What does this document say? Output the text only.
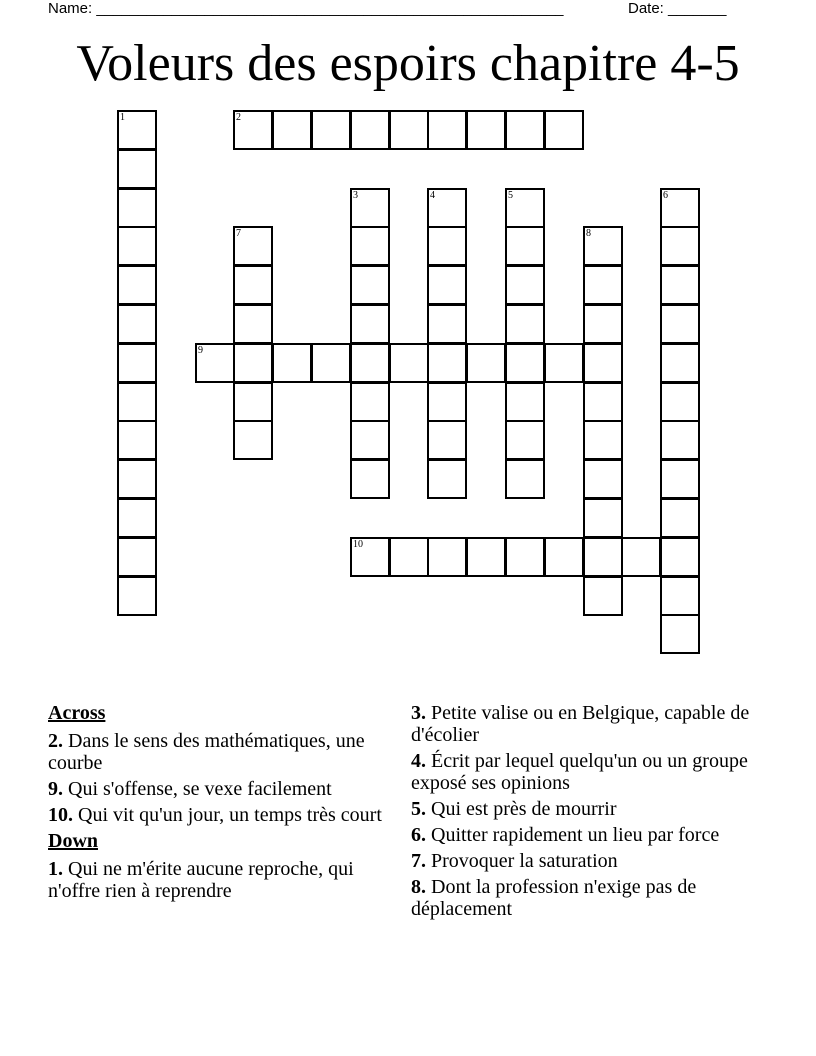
Name: ________________________________________________________	Date: _______
Voleurs des espoirs chapitre 4-5
1	2
3	4	5	6
7	8
9
10
Across
2. Dans le sens des mathématiques, une courbe
9. Qui s'offense, se vexe facilement
10. Qui vit qu'un jour, un temps très court
Down
1. Qui ne m'érite aucune reproche, qui n'offre rien à reprendre
3. Petite valise ou en Belgique, capable de d'écolier
4. Écrit par lequel quelqu'un ou un groupe exposé ses opinions
5. Qui est près de mourrir
6. Quitter rapidement un lieu par force
7. Provoquer la saturation
8. Dont la profession n'exige pas de déplacement
